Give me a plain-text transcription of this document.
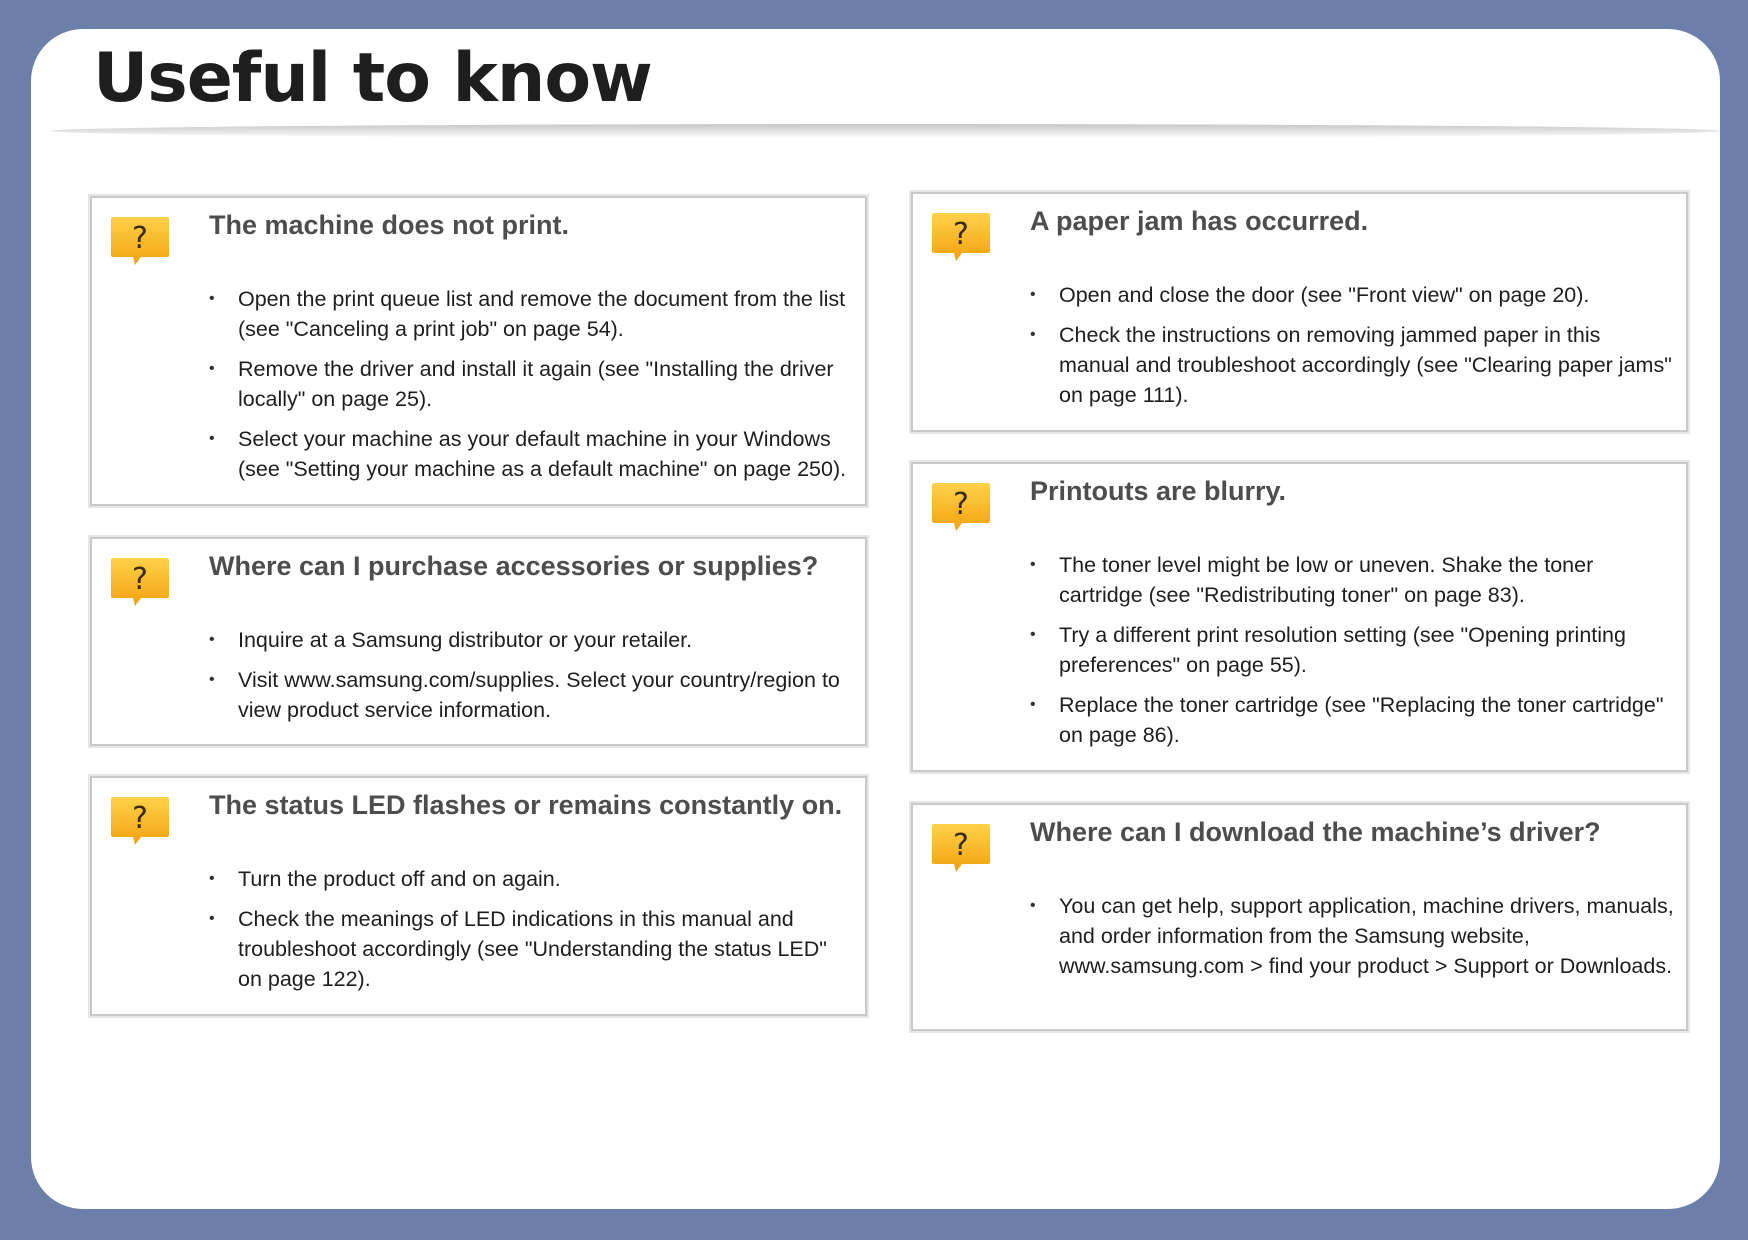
Useful to know
? The machine does not print.
• Open the print queue list and remove the document from the list (see "Canceling a print job" on page 54).
• Remove the driver and install it again (see "Installing the driver locally" on page 25).
• Select your machine as your default machine in your Windows (see "Setting your machine as a default machine" on page 250).
? Where can I purchase accessories or supplies?
• Inquire at a Samsung distributor or your retailer.
• Visit www.samsung.com/supplies. Select your country/region to view product service information.
? The status LED flashes or remains constantly on.
• Turn the product off and on again.
• Check the meanings of LED indications in this manual and troubleshoot accordingly (see "Understanding the status LED" on page 122).
? A paper jam has occurred.
• Open and close the door (see "Front view" on page 20).
• Check the instructions on removing jammed paper in this manual and troubleshoot accordingly (see "Clearing paper jams" on page 111).
? Printouts are blurry.
• The toner level might be low or uneven. Shake the toner cartridge (see "Redistributing toner" on page 83).
• Try a different print resolution setting (see "Opening printing preferences" on page 55).
• Replace the toner cartridge (see "Replacing the toner cartridge" on page 86).
? Where can I download the machine’s driver?
• You can get help, support application, machine drivers, manuals, and order information from the Samsung website, www.samsung.com > find your product > Support or Downloads.
